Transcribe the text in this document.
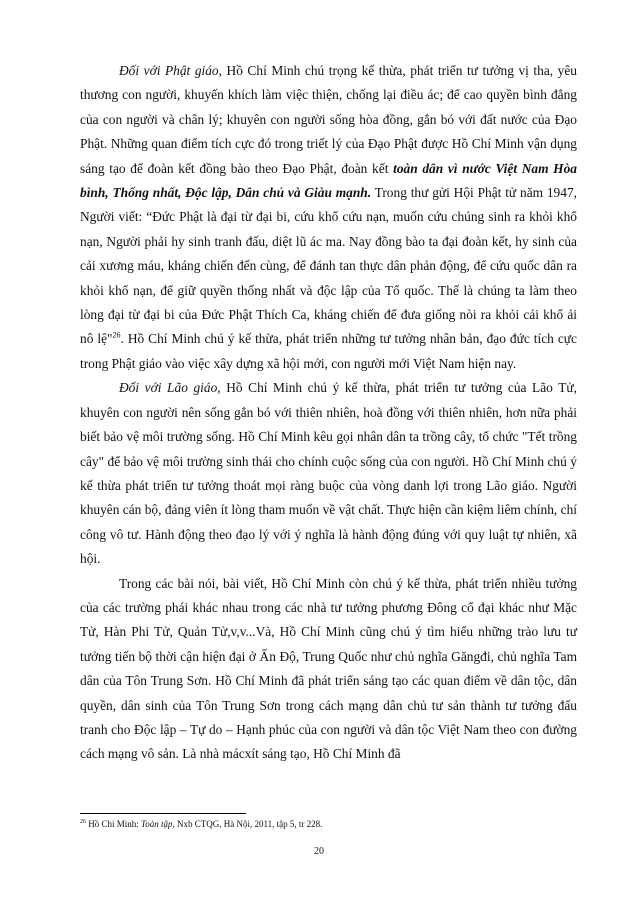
Đối với Phật giáo, Hồ Chí Minh chú trọng kế thừa, phát triển tư tưởng vị tha, yêu thương con người, khuyến khích làm việc thiện, chống lại điều ác; để cao quyền bình đẳng của con người và chân lý; khuyên con người sống hòa đồng, gắn bó với đất nước của Đạo Phật. Những quan điểm tích cực đó trong triết lý của Đạo Phật được Hồ Chí Minh vận dụng sáng tạo để đoàn kết đồng bào theo Đạo Phật, đoàn kết toàn dân vì nước Việt Nam Hòa bình, Thống nhất, Độc lập, Dân chủ và Giàu mạnh. Trong thư gửi Hội Phật tử năm 1947, Người viết: “Đức Phật là đại từ đại bi, cứu khổ cứu nạn, muốn cứu chúng sinh ra khỏi khổ nạn, Người phải hy sinh tranh đấu, diệt lũ ác ma. Nay đồng bào ta đại đoàn kết, hy sinh của cải xương máu, kháng chiến đến cùng, để đánh tan thực dân phản động, để cứu quốc dân ra khỏi khổ nạn, để giữ quyền thống nhất và độc lập của Tổ quốc. Thế là chúng ta làm theo lòng đại từ đại bi của Đức Phật Thích Ca, kháng chiến để đưa giống nòi ra khỏi cái khổ ải nô lệ"$^{26}$. Hồ Chí Minh chú ý kế thừa, phát triển những tư tưởng nhân bản, đạo đức tích cực trong Phật giáo vào việc xây dựng xã hội mới, con người mới Việt Nam hiện nay.

Đối với Lão giáo, Hồ Chí Minh chú ý kế thừa, phát triển tư tưởng của Lão Tử, khuyên con người nên sống gắn bó với thiên nhiên, hoà đồng với thiên nhiên, hơn nữa phải biết bảo vệ môi trường sống. Hồ Chí Minh kêu gọi nhân dân ta trồng cây, tổ chức "Tết trồng cây" để bảo vệ môi trường sinh thái cho chính cuộc sống của con người. Hồ Chí Minh chú ý kế thừa phát triển tư tưởng thoát mọi ràng buộc của vòng danh lợi trong Lão giáo. Người khuyên cán bộ, đảng viên ít lòng tham muốn về vật chất. Thực hiện cần kiệm liêm chính, chí công vô tư. Hành động theo đạo lý với ý nghĩa là hành động đúng với quy luật tự nhiên, xã hội.

Trong các bài nói, bài viết, Hồ Chí Minh còn chú ý kế thừa, phát triển nhiều tưởng của các trường phái khác nhau trong các nhà tư tưởng phương Đông cổ đại khác như Mặc Tử, Hàn Phi Tử, Quản Tử,v,v...Và, Hồ Chí Minh cũng chú ý tìm hiểu những trào lưu tư tưởng tiến bộ thời cận hiện đại ở Ấn Độ, Trung Quốc như chủ nghĩa Găngđi, chủ nghĩa Tam dân của Tôn Trung Sơn. Hồ Chí Minh đã phát triển sáng tạo các quan điểm về dân tộc, dân quyền, dân sinh của Tôn Trung Sơn trong cách mạng dân chủ tư sản thành tư tưởng đấu tranh cho Độc lập – Tự do – Hạnh phúc của con người và dân tộc Việt Nam theo con đường cách mạng vô sản. Là nhà mácxít sáng tạo, Hồ Chí Minh đã

$^{26}$ Hồ Chí Minh: Toàn tập, Nxb CTQG, Hà Nội, 2011, tập 5, tr 228.
20
